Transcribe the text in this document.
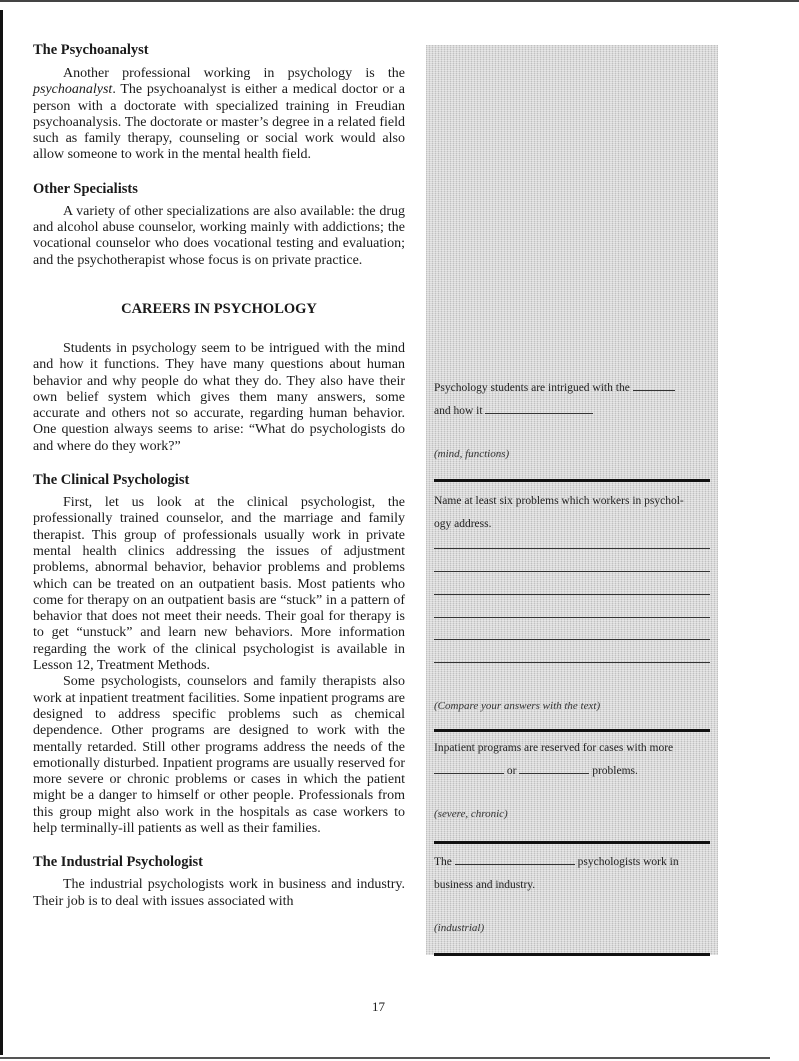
The Psychoanalyst

Another professional working in psychology is the psychoanalyst. The psychoanalyst is either a medical doctor or a person with a doctorate with specialized training in Freudian psychoanalysis. The doctorate or master’s degree in a related field such as family therapy, counseling or social work would also allow someone to work in the mental health field.

Other Specialists

A variety of other specializations are also available: the drug and alcohol abuse counselor, working mainly with addictions; the vocational counselor who does vocational testing and evaluation; and the psychotherapist whose focus is on private practice.

CAREERS IN PSYCHOLOGY

Students in psychology seem to be intrigued with the mind and how it functions. They have many questions about human behavior and why people do what they do. They also have their own belief system which gives them many answers, some accurate and others not so accurate, regarding human behavior. One question always seems to arise: “What do psychologists do and where do they work?”

The Clinical Psychologist

First, let us look at the clinical psychologist, the professionally trained counselor, and the marriage and family therapist. This group of professionals usually work in private mental health clinics addressing the issues of adjustment problems, abnormal behavior, behavior problems and problems which can be treated on an outpatient basis. Most patients who come for therapy on an outpatient basis are “stuck” in a pattern of behavior that does not meet their needs. Their goal for therapy is to get “unstuck” and learn new behaviors. More information regarding the work of the clinical psychologist is available in Lesson 12, Treatment Methods.

Some psychologists, counselors and family therapists also work at inpatient treatment facilities. Some inpatient programs are designed to address specific problems such as chemical dependence. Other programs are designed to work with the mentally retarded. Still other programs address the needs of the emotionally disturbed. Inpatient programs are usually reserved for more severe or chronic problems or cases in which the patient might be a danger to himself or other people. Professionals from this group might also work in the hospitals as case workers to help terminally-ill patients as well as their families.

The Industrial Psychologist

The industrial psychologists work in business and industry. Their job is to deal with issues associated with

Psychology students are intrigued with the
and how it
(mind, functions)
Name at least six problems which workers in psychol-
ogy address.
(Compare your answers with the text)
Inpatient programs are reserved for cases with more
or	problems.
(severe, chronic)
The	psychologists work in
business and industry.
(industrial)
17
